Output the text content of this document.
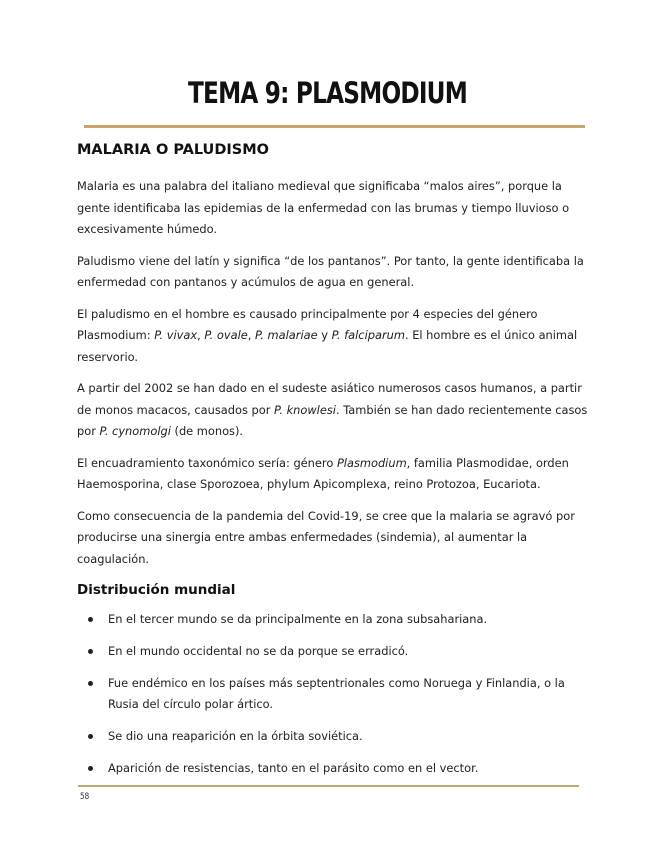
TEMA 9: PLASMODIUM
MALARIA O PALUDISMO

Malaria es una palabra del italiano medieval que significaba “malos aires”, porque la gente identificaba las epidemias de la enfermedad con las brumas y tiempo lluvioso o excesivamente húmedo.

Paludismo viene del latín y significa “de los pantanos”. Por tanto, la gente identificaba la enfermedad con pantanos y acúmulos de agua en general.

El paludismo en el hombre es causado principalmente por 4 especies del género Plasmodium: P. vivax, P. ovale, P. malariae y P. falciparum. El hombre es el único animal reservorio.

A partir del 2002 se han dado en el sudeste asiático numerosos casos humanos, a partir de monos macacos, causados por P. knowlesi. También se han dado recientemente casos por P. cynomolgi (de monos).

El encuadramiento taxonómico sería: género Plasmodium, familia Plasmodidae, orden Haemosporina, clase Sporozoea, phylum Apicomplexa, reino Protozoa, Eucariota.

Como consecuencia de la pandemia del Covid-19, se cree que la malaria se agravó por producirse una sinergia entre ambas enfermedades (sindemia), al aumentar la coagulación.

Distribución mundial
En el tercer mundo se da principalmente en la zona subsahariana.
En el mundo occidental no se da porque se erradicó.
Fue endémico en los países más septentrionales como Noruega y Finlandia, o la Rusia del círculo polar ártico.
Se dio una reaparición en la órbita soviética.
Aparición de resistencias, tanto en el parásito como en el vector.
58
